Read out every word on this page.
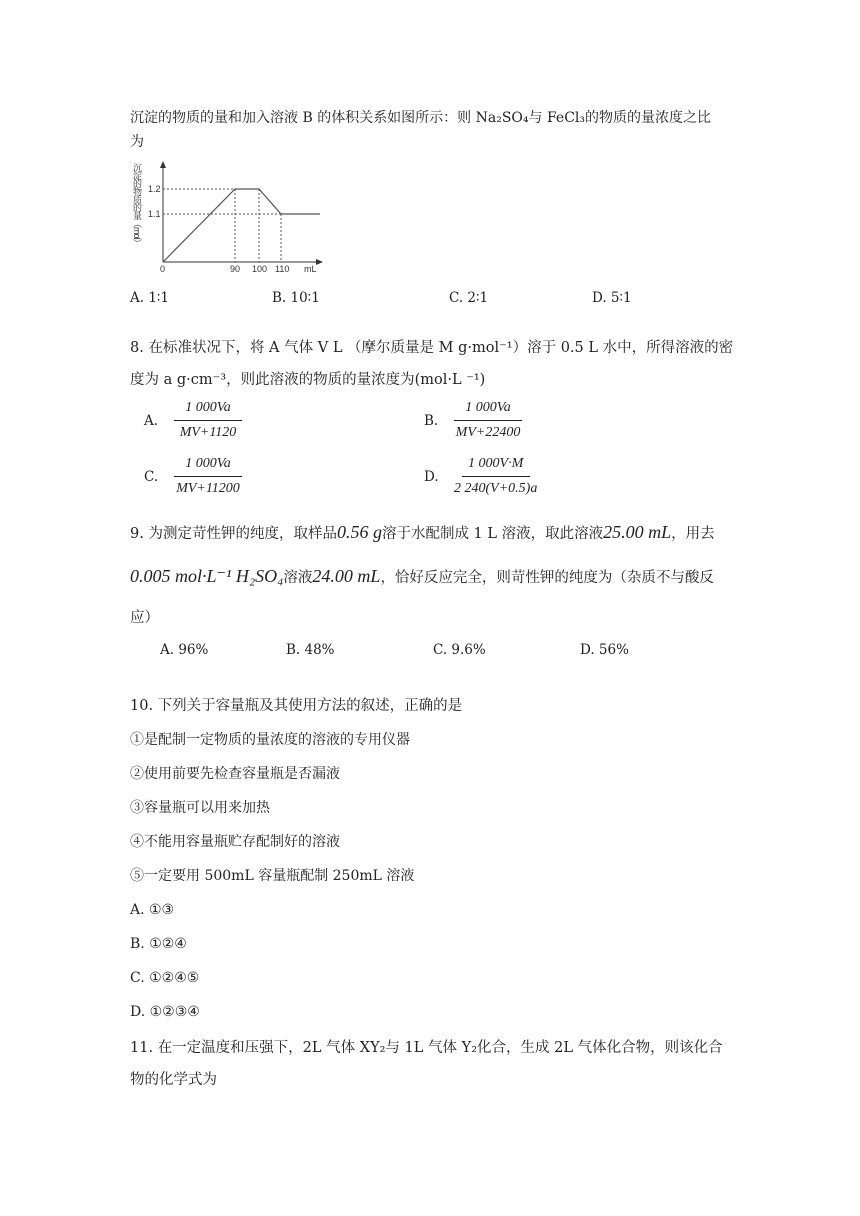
沉淀的物质的量和加入溶液 B 的体积关系如图所示：则 Na₂SO₄与 FeCl₃的物质的量浓度之比
为
沉淀的物质的量（mol） 1.2
1.1
0	90 100 110 mL
A. 1∶1	B. 10∶1	C. 2∶1	D. 5∶1
8. 在标准状况下，将 A 气体 V L （摩尔质量是 M g·mol⁻¹）溶于 0.5 L 水中，所得溶液的密
度为 a g·cm⁻³，则此溶液的物质的量浓度为(mol·L ⁻¹)
A.	$\frac{1 000Va}{MV+1120}$	B.	$\frac{1 000Va}{MV+22400}$
C.	$\frac{1 000Va}{MV+11200}$	D.	$\frac{1 000V\cdot M}{2 240(V+0.5)a}$
9. 为测定苛性钾的纯度，取样品0.56 g溶于水配制成 1 L 溶液，取此溶液25.00 mL，用去
0.005 mol·L⁻¹ H₂SO₄溶液24.00 mL，恰好反应完全，则苛性钾的纯度为（杂质不与酸反
应）
A. 96%	B. 48%	C. 9.6%	D. 56%
10. 下列关于容量瓶及其使用方法的叙述，正确的是
①是配制一定物质的量浓度的溶液的专用仪器
②使用前要先检查容量瓶是否漏液
③容量瓶可以用来加热
④不能用容量瓶贮存配制好的溶液
⑤一定要用 500mL 容量瓶配制 250mL 溶液
A. ①③
B. ①②④
C. ①②④⑤
D. ①②③④
11. 在一定温度和压强下，2L 气体 XY₂与 1L 气体 Y₂化合，生成 2L 气体化合物，则该化合
物的化学式为
